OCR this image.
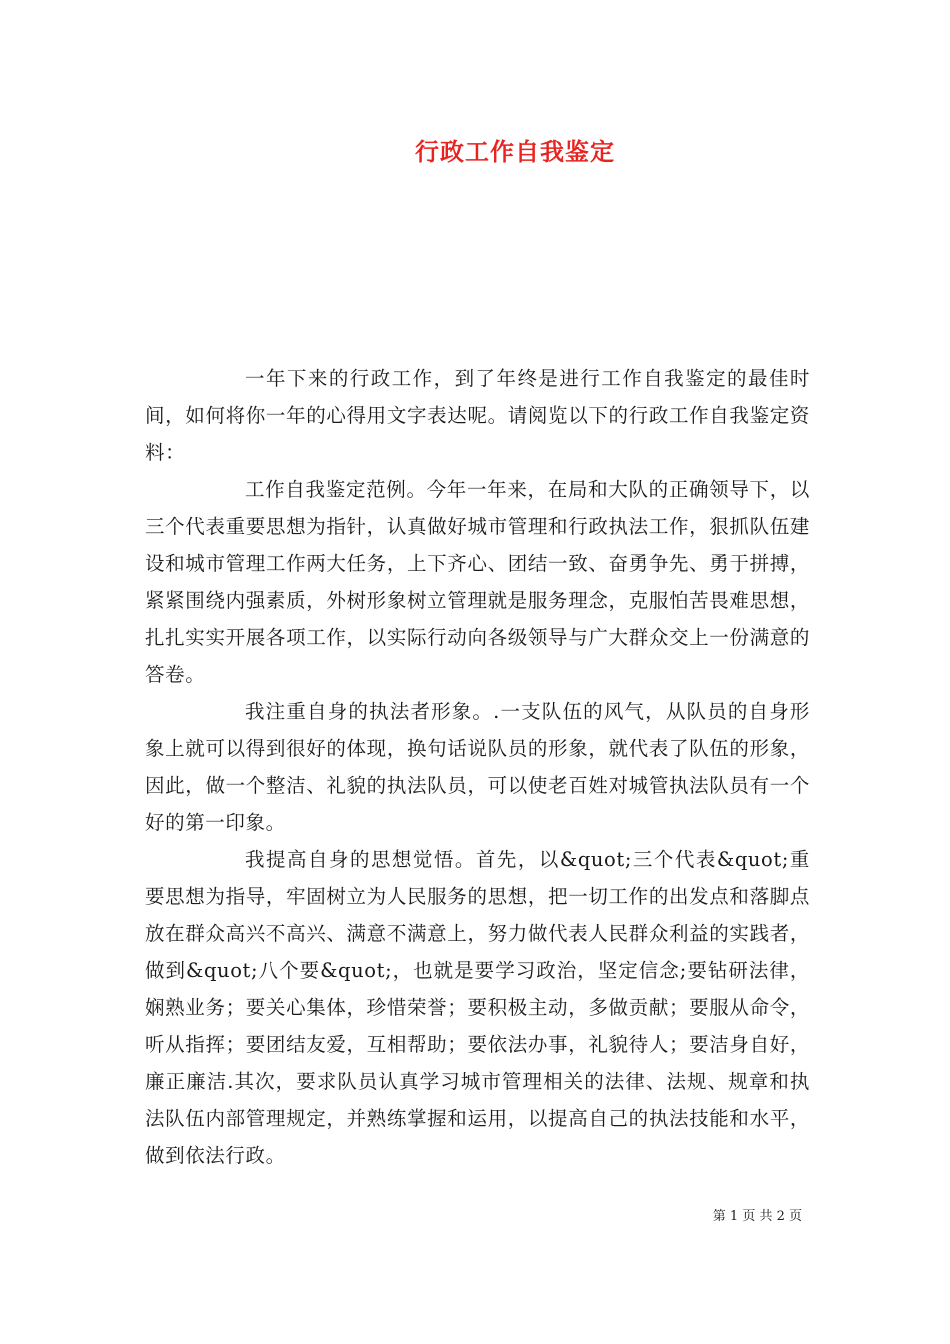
行政工作自我鉴定

一年下来的行政工作，到了年终是进行工作自我鉴定的最佳时间，如何将你一年的心得用文字表达呢。请阅览以下的行政工作自我鉴定资料：

工作自我鉴定范例。今年一年来，在局和大队的正确领导下，以三个代表重要思想为指针，认真做好城市管理和行政执法工作，狠抓队伍建设和城市管理工作两大任务，上下齐心、团结一致、奋勇争先、勇于拼搏，紧紧围绕内强素质，外树形象树立管理就是服务理念，克服怕苦畏难思想，扎扎实实开展各项工作，以实际行动向各级领导与广大群众交上一份满意的答卷。

我注重自身的执法者形象。.一支队伍的风气，从队员的自身形象上就可以得到很好的体现，换句话说队员的形象，就代表了队伍的形象，因此，做一个整洁、礼貌的执法队员，可以使老百姓对城管执法队员有一个好的第一印象。

我提高自身的思想觉悟。首先，以&quot;三个代表&quot;重要思想为指导，牢固树立为人民服务的思想，把一切工作的出发点和落脚点放在群众高兴不高兴、满意不满意上，努力做代表人民群众利益的实践者，做到&quot;八个要&quot;，也就是要学习政治，坚定信念;要钻研法律，娴熟业务；要关心集体，珍惜荣誉；要积极主动，多做贡献；要服从命令，听从指挥；要团结友爱，互相帮助；要依法办事，礼貌待人；要洁身自好，廉正廉洁.其次，要求队员认真学习城市管理相关的法律、法规、规章和执法队伍内部管理规定，并熟练掌握和运用，以提高自己的执法技能和水平，做到依法行政。

第 1 页 共 2 页
